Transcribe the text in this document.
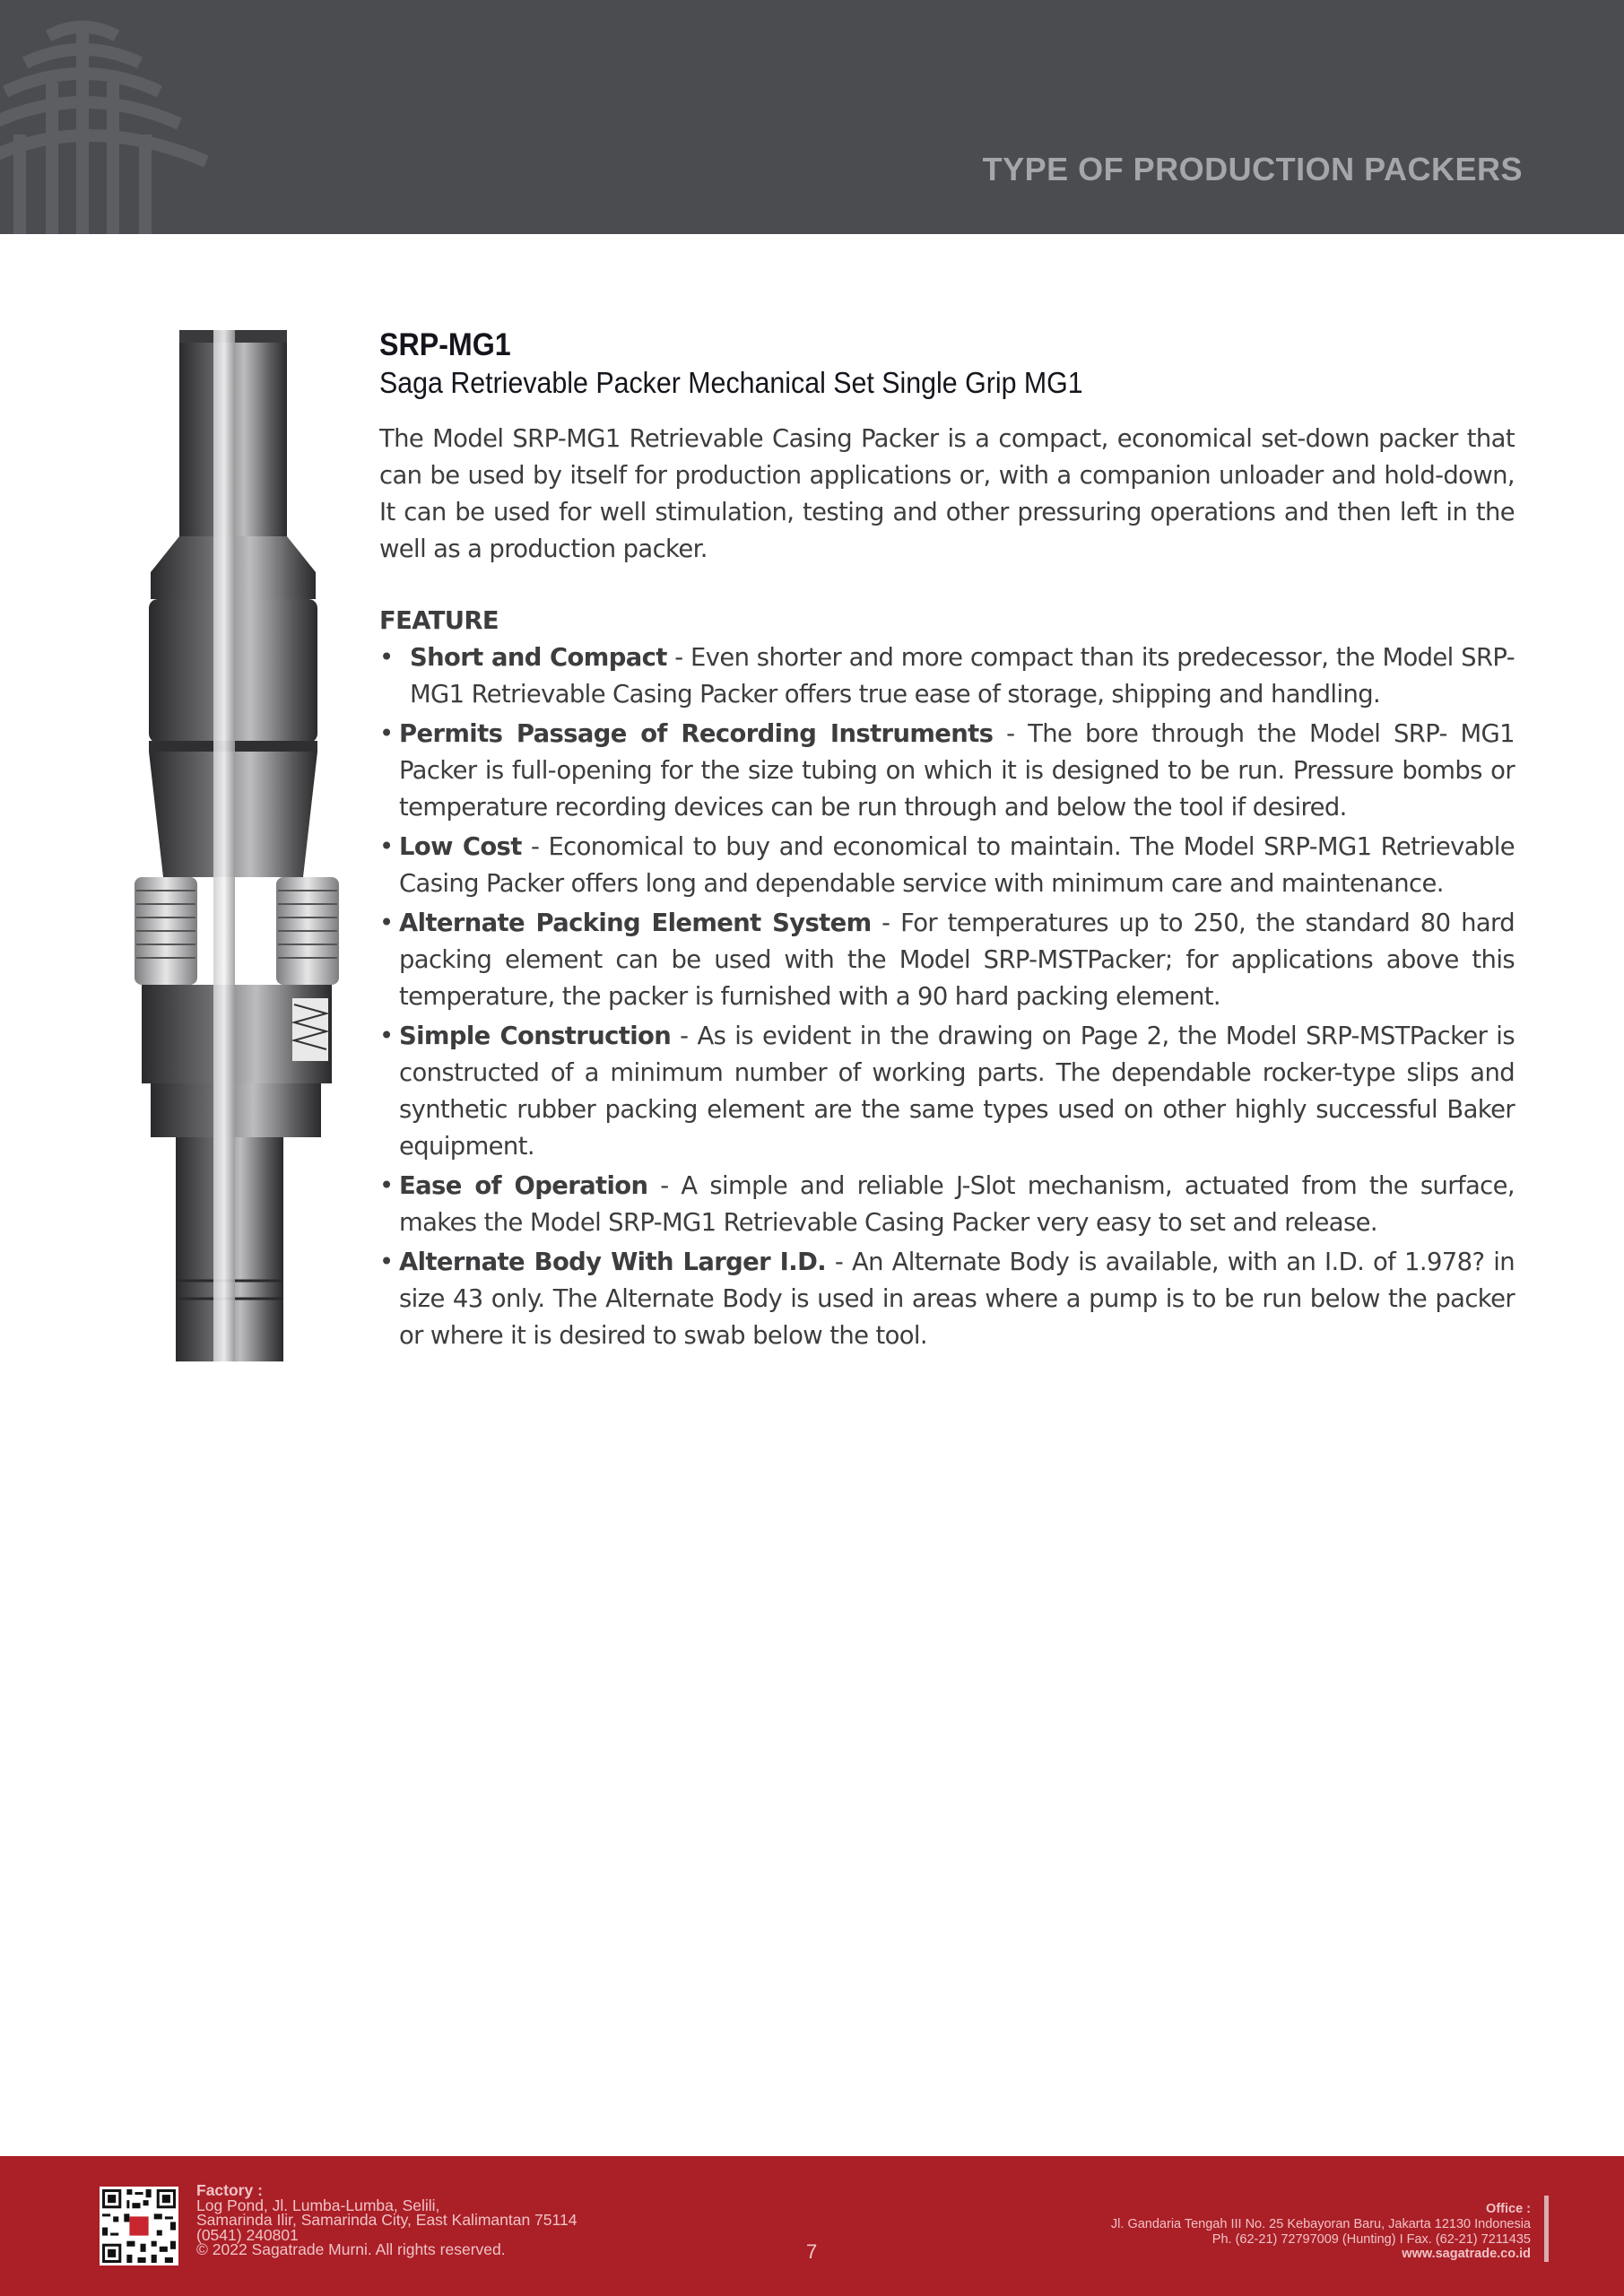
TYPE OF PRODUCTION PACKERS
SRP-MG1
Saga Retrievable Packer Mechanical Set Single Grip MG1

The Model SRP-MG1 Retrievable Casing Packer is a compact, economical set-down packer that can be used by itself for production applications or, with a companion unloader and hold-down, It can be used for well stimulation, testing and other pressuring operations and then left in the well as a production packer.

FEATURE
• Short and Compact - Even shorter and more compact than its predecessor, the Model SRP-MG1 Retrievable Casing Packer offers true ease of storage, shipping and handling.
• Permits Passage of Recording Instruments - The bore through the Model SRP- MG1 Packer is full-opening for the size tubing on which it is designed to be run. Pressure bombs or temperature recording devices can be run through and below the tool if desired.
• Low Cost - Economical to buy and economical to maintain. The Model SRP-MG1 Retrievable Casing Packer offers long and dependable service with minimum care and maintenance.
• Alternate Packing Element System - For temperatures up to 250, the standard 80 hard packing element can be used with the Model SRP-MSTPacker; for applications above this temperature, the packer is furnished with a 90 hard packing element.
• Simple Construction - As is evident in the drawing on Page 2, the Model SRP-MSTPacker is constructed of a minimum number of working parts. The dependable rocker-type slips and synthetic rubber packing element are the same types used on other highly successful Baker equipment.
• Ease of Operation - A simple and reliable J-Slot mechanism, actuated from the surface, makes the Model SRP-MG1 Retrievable Casing Packer very easy to set and release.
• Alternate Body With Larger I.D. - An Alternate Body is available, with an I.D. of 1.978? in size 43 only. The Alternate Body is used in areas where a pump is to be run below the packer or where it is desired to swab below the tool.
Factory :
Log Pond, Jl. Lumba-Lumba, Selili,
Samarinda Ilir, Samarinda City, East Kalimantan 75114
(0541) 240801
© 2022 Sagatrade Murni. All rights reserved.	7
Office :
Jl. Gandaria Tengah III No. 25 Kebayoran Baru, Jakarta 12130 Indonesia
Ph. (62-21) 72797009 (Hunting) I Fax. (62-21) 7211435
www.sagatrade.co.id
